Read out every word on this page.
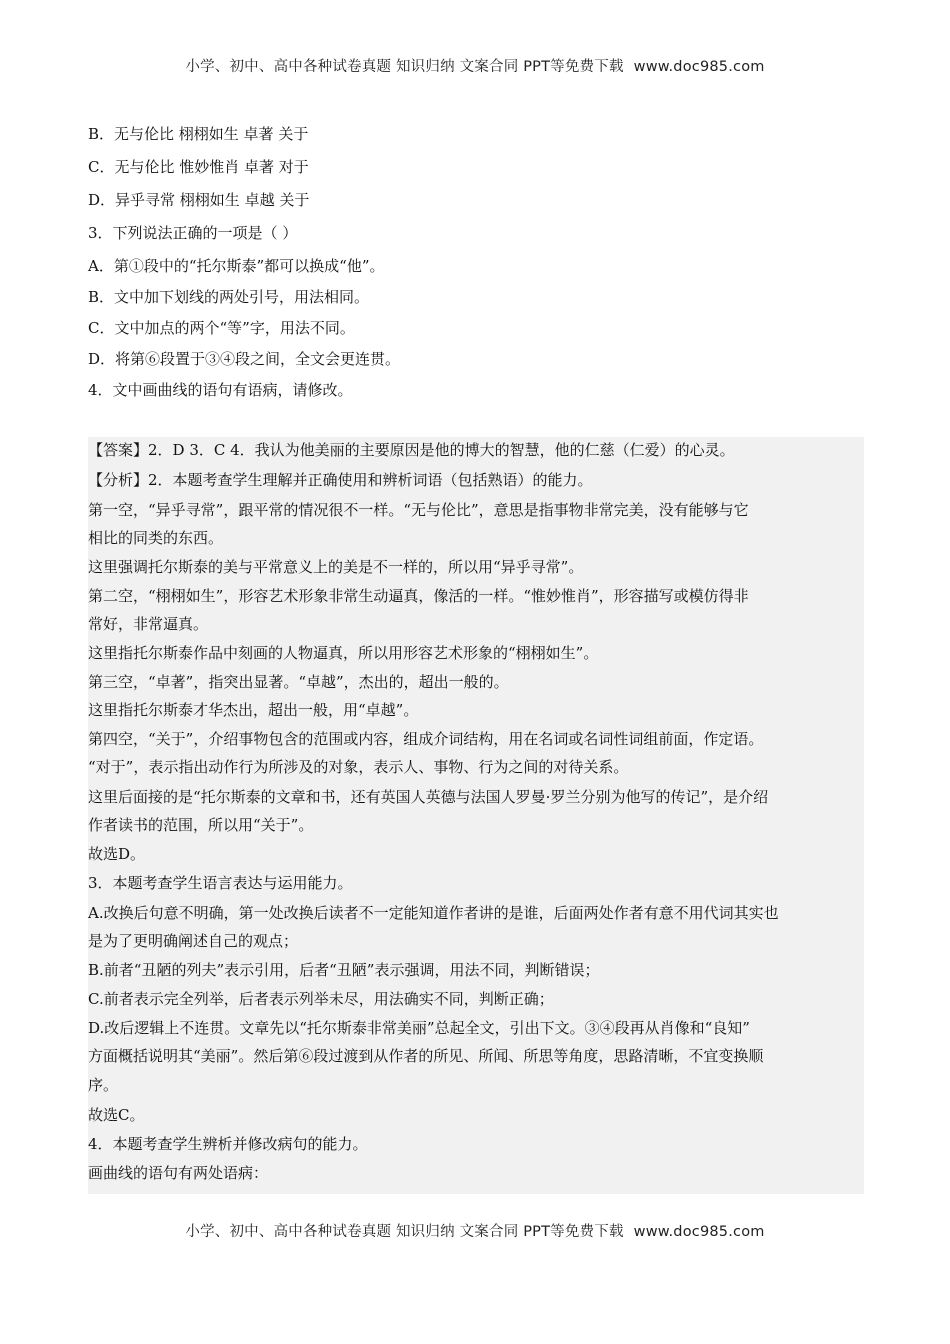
小学、初中、高中各种试卷真题 知识归纳 文案合同 PPT等免费下载 www.doc985.com
B．无与伦比 栩栩如生 卓著 关于
C．无与伦比 惟妙惟肖 卓著 对于
D．异乎寻常 栩栩如生 卓越 关于
3．下列说法正确的一项是（ ）
A．第①段中的“托尔斯泰”都可以换成“他”。
B．文中加下划线的两处引号，用法相同。
C．文中加点的两个“等”字，用法不同。
D．将第⑥段置于③④段之间，全文会更连贯。
4．文中画曲线的语句有语病，请修改。
【答案】2．D 3．C 4．我认为他美丽的主要原因是他的博大的智慧，他的仁慈（仁爱）的心灵。
【分析】2．本题考查学生理解并正确使用和辨析词语（包括熟语）的能力。
第一空，“异乎寻常”，跟平常的情况很不一样。“无与伦比”，意思是指事物非常完美，没有能够与它
相比的同类的东西。
这里强调托尔斯泰的美与平常意义上的美是不一样的，所以用“异乎寻常”。
第二空，“栩栩如生”，形容艺术形象非常生动逼真，像活的一样。“惟妙惟肖”，形容描写或模仿得非
常好，非常逼真。
这里指托尔斯泰作品中刻画的人物逼真，所以用形容艺术形象的“栩栩如生”。
第三空，“卓著”，指突出显著。“卓越”，杰出的，超出一般的。
这里指托尔斯泰才华杰出，超出一般，用“卓越”。
第四空，“关于”，介绍事物包含的范围或内容，组成介词结构，用在名词或名词性词组前面，作定语。
“对于”，表示指出动作行为所涉及的对象，表示人、事物、行为之间的对待关系。
这里后面接的是“托尔斯泰的文章和书，还有英国人英德与法国人罗曼·罗兰分别为他写的传记”，是介绍
作者读书的范围，所以用“关于”。
故选D。
3．本题考查学生语言表达与运用能力。
A.改换后句意不明确，第一处改换后读者不一定能知道作者讲的是谁，后面两处作者有意不用代词其实也
是为了更明确阐述自己的观点；
B.前者“丑陋的列夫”表示引用，后者“丑陋”表示强调，用法不同，判断错误；
C.前者表示完全列举，后者表示列举未尽，用法确实不同，判断正确；
D.改后逻辑上不连贯。文章先以“托尔斯泰非常美丽”总起全文，引出下文。③④段再从肖像和“良知”
方面概括说明其“美丽”。然后第⑥段过渡到从作者的所见、所闻、所思等角度，思路清晰，不宜变换顺
序。
故选C。
4．本题考查学生辨析并修改病句的能力。
画曲线的语句有两处语病：
小学、初中、高中各种试卷真题 知识归纳 文案合同 PPT等免费下载 www.doc985.com
